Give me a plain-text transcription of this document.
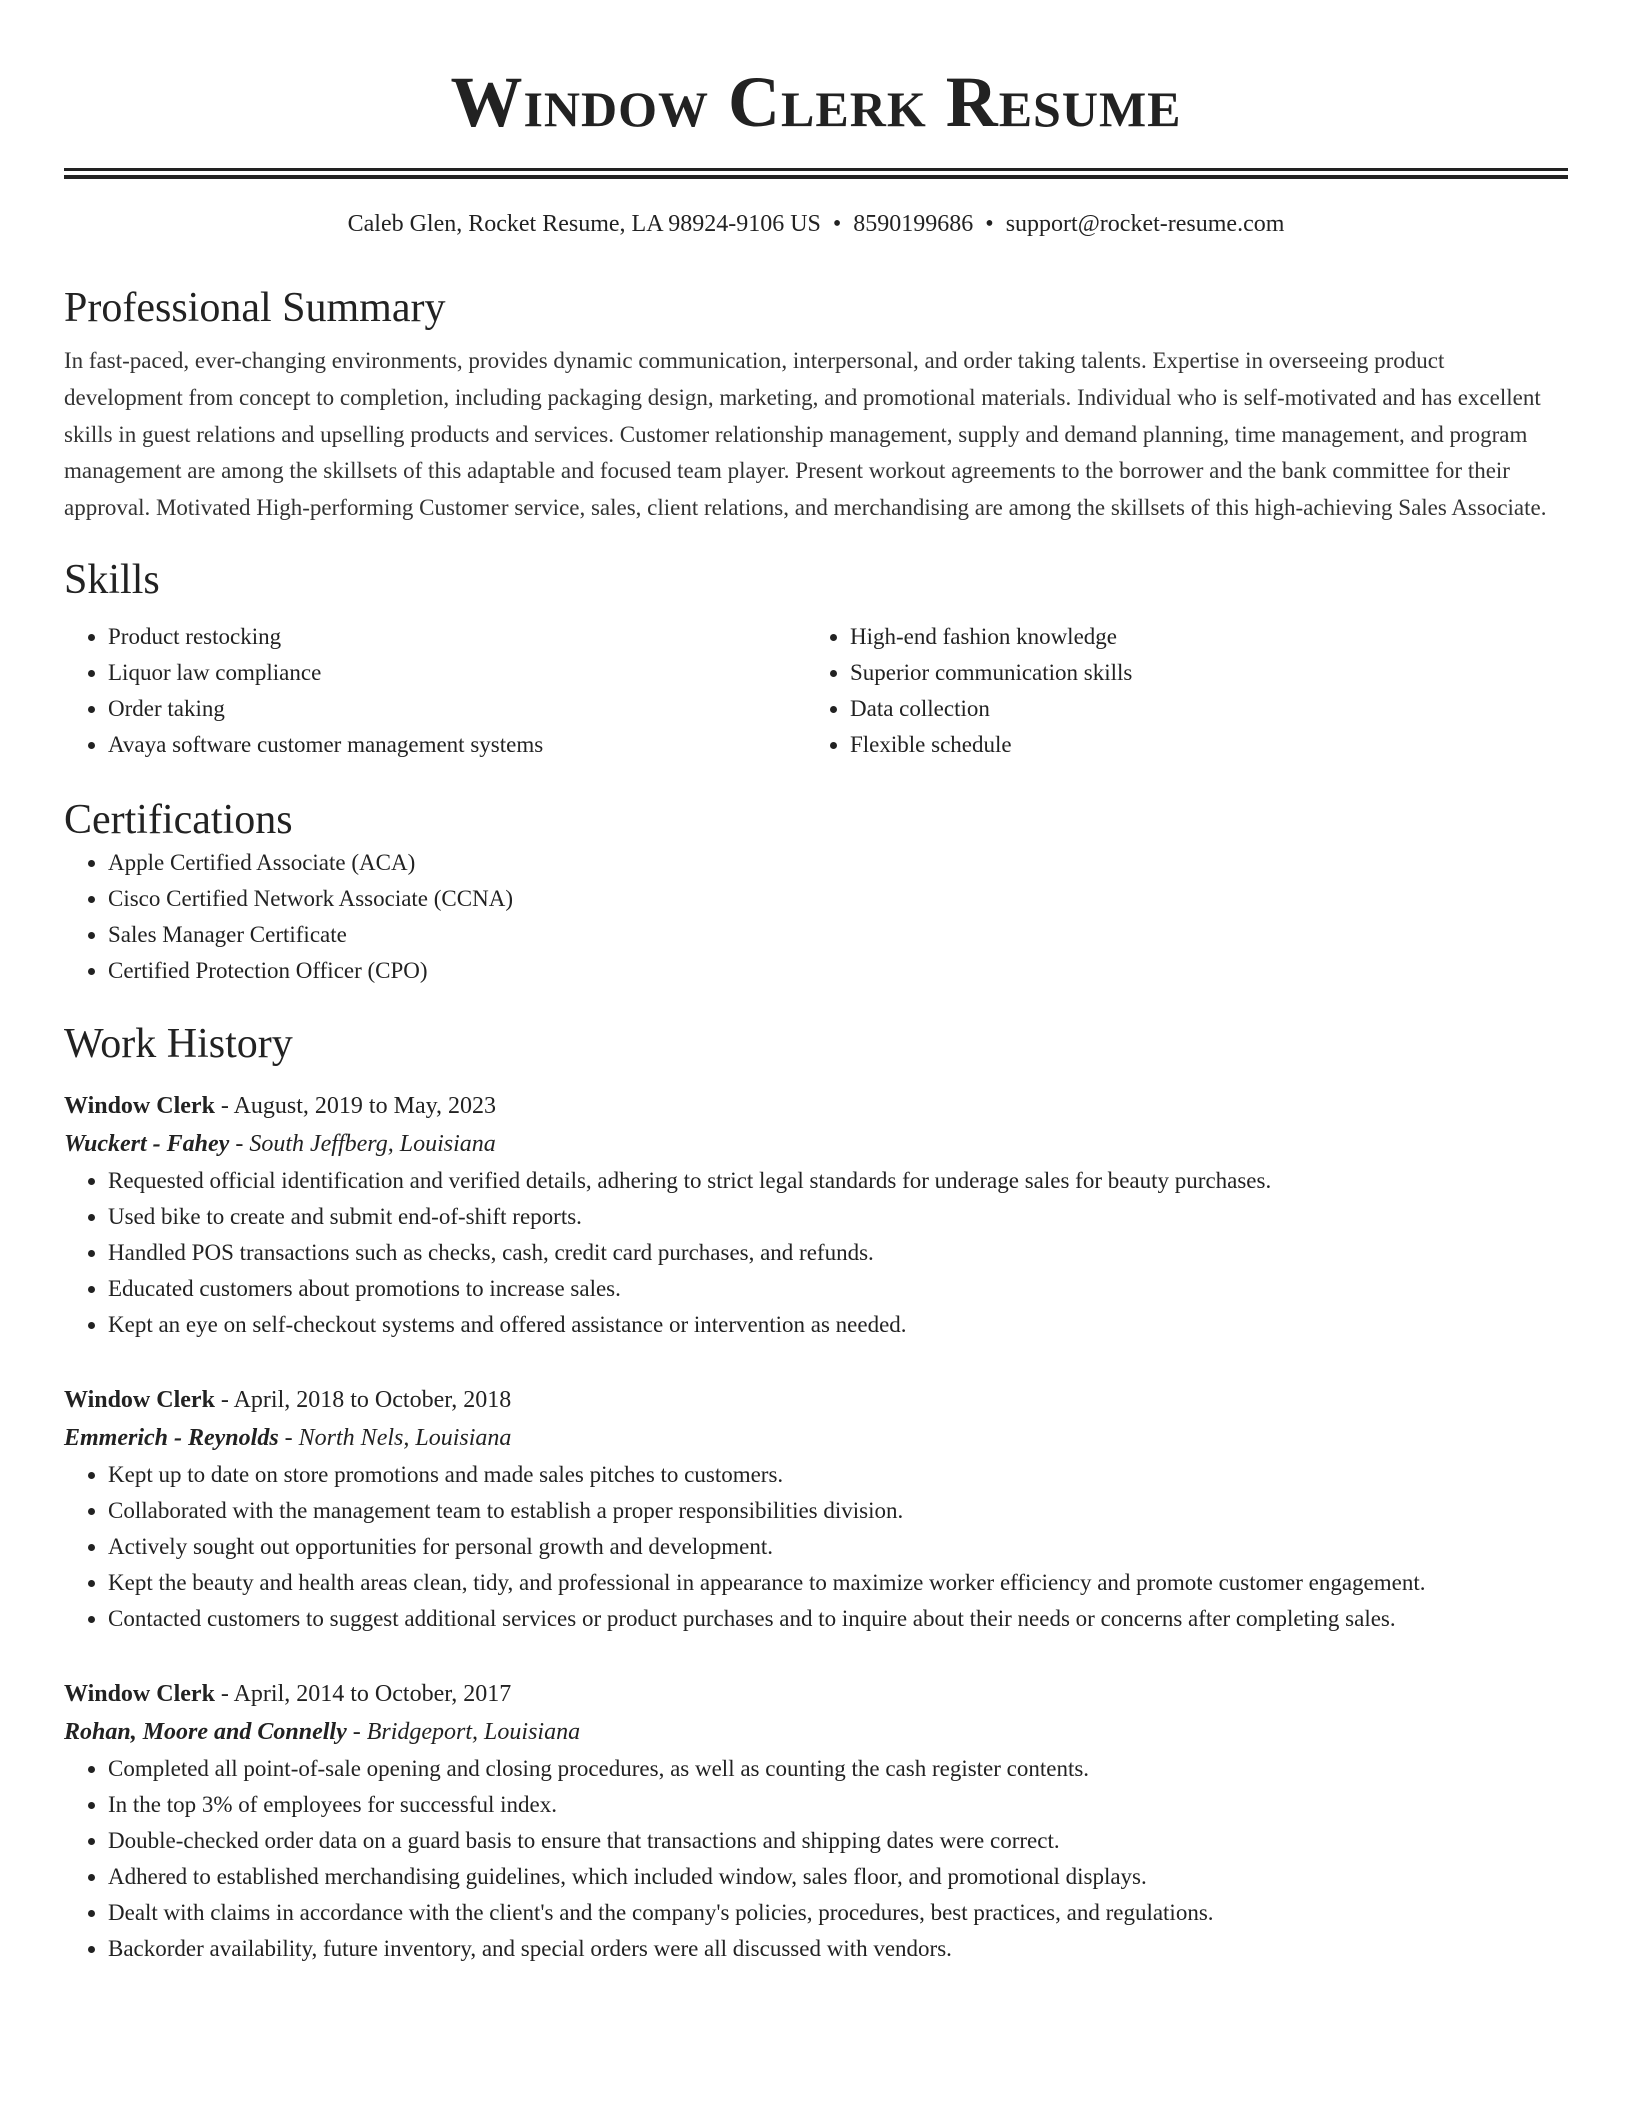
Window Clerk Resume
Caleb Glen, Rocket Resume, LA 98924-9106 US • 8590199686 • support@rocket-resume.com
Professional Summary

In fast-paced, ever-changing environments, provides dynamic communication, interpersonal, and order taking talents. Expertise in overseeing product development from concept to completion, including packaging design, marketing, and promotional materials. Individual who is self-motivated and has excellent skills in guest relations and upselling products and services. Customer relationship management, supply and demand planning, time management, and program management are among the skillsets of this adaptable and focused team player. Present workout agreements to the borrower and the bank committee for their approval. Motivated High-performing Customer service, sales, client relations, and merchandising are among the skillsets of this high-achieving Sales Associate.

Skills
• Product restocking
• Liquor law compliance
• Order taking
• Avaya software customer management systems
• High-end fashion knowledge
• Superior communication skills
• Data collection
• Flexible schedule
Certifications
• Apple Certified Associate (ACA)
• Cisco Certified Network Associate (CCNA)
• Sales Manager Certificate
• Certified Protection Officer (CPO)
Work History
Window Clerk - August, 2019 to May, 2023
Wuckert - Fahey - South Jeffberg, Louisiana
• Requested official identification and verified details, adhering to strict legal standards for underage sales for beauty purchases.
• Used bike to create and submit end-of-shift reports.
• Handled POS transactions such as checks, cash, credit card purchases, and refunds.
• Educated customers about promotions to increase sales.
• Kept an eye on self-checkout systems and offered assistance or intervention as needed.
Window Clerk - April, 2018 to October, 2018
Emmerich - Reynolds - North Nels, Louisiana
• Kept up to date on store promotions and made sales pitches to customers.
• Collaborated with the management team to establish a proper responsibilities division.
• Actively sought out opportunities for personal growth and development.
• Kept the beauty and health areas clean, tidy, and professional in appearance to maximize worker efficiency and promote customer engagement.
• Contacted customers to suggest additional services or product purchases and to inquire about their needs or concerns after completing sales.
Window Clerk - April, 2014 to October, 2017
Rohan, Moore and Connelly - Bridgeport, Louisiana
• Completed all point-of-sale opening and closing procedures, as well as counting the cash register contents.
• In the top 3% of employees for successful index.
• Double-checked order data on a guard basis to ensure that transactions and shipping dates were correct.
• Adhered to established merchandising guidelines, which included window, sales floor, and promotional displays.
• Dealt with claims in accordance with the client's and the company's policies, procedures, best practices, and regulations.
• Backorder availability, future inventory, and special orders were all discussed with vendors.
